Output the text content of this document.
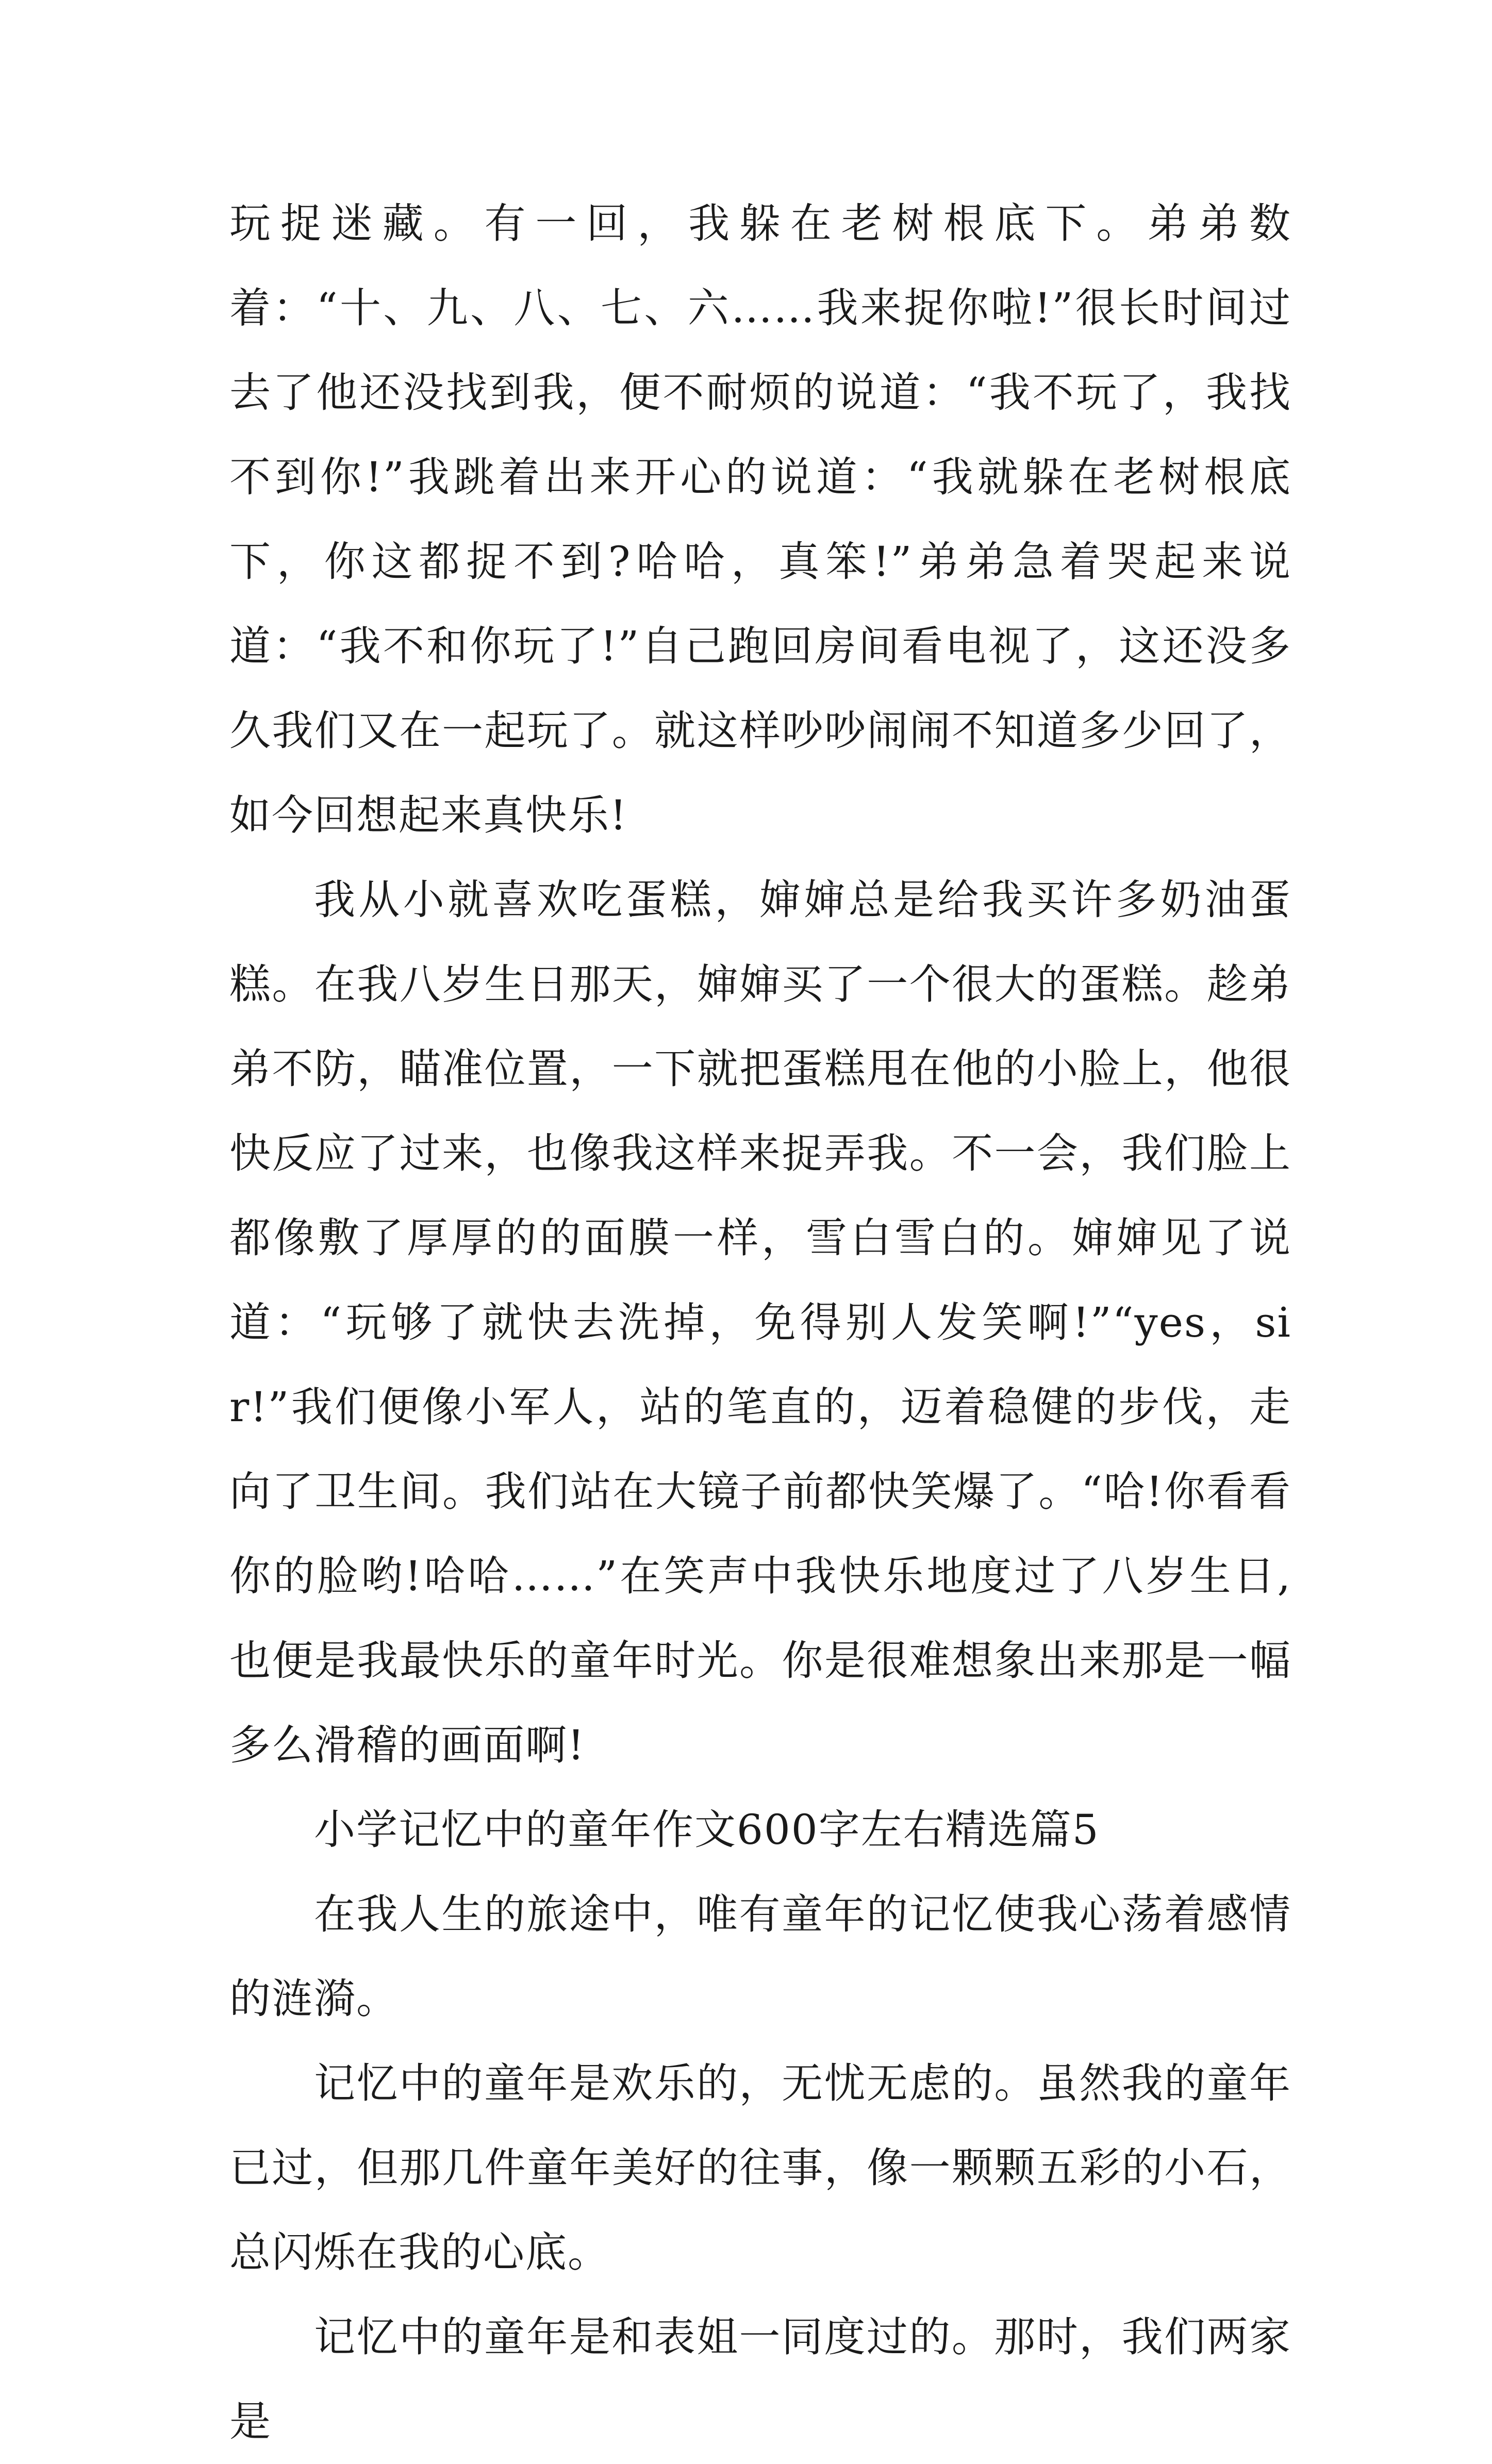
玩捉迷藏。有一回，我躲在老树根底下。弟弟数着：“十、九、八、七、六……我来捉你啦!”很长时间过去了他还没找到我，便不耐烦的说道：“我不玩了，我找不到你!”我跳着出来开心的说道：“我就躲在老树根底下，你这都捉不到?哈哈，真笨!”弟弟急着哭起来说道：“我不和你玩了!”自己跑回房间看电视了，这还没多久我们又在一起玩了。就这样吵吵闹闹不知道多少回了，如今回想起来真快乐!

我从小就喜欢吃蛋糕，婶婶总是给我买许多奶油蛋糕。在我八岁生日那天，婶婶买了一个很大的蛋糕。趁弟弟不防，瞄准位置，一下就把蛋糕甩在他的小脸上，他很快反应了过来，也像我这样来捉弄我。不一会，我们脸上都像敷了厚厚的的面膜一样，雪白雪白的。婶婶见了说道：“玩够了就快去洗掉，免得别人发笑啊!”“yes，sir!”我们便像小军人，站的笔直的，迈着稳健的步伐，走向了卫生间。我们站在大镜子前都快笑爆了。“哈!你看看你的脸哟!哈哈……”在笑声中我快乐地度过了八岁生日,也便是我最快乐的童年时光。你是很难想象出来那是一幅多么滑稽的画面啊!

小学记忆中的童年作文600字左右精选篇5

在我人生的旅途中，唯有童年的记忆使我心荡着感情的涟漪。

记忆中的童年是欢乐的，无忧无虑的。虽然我的童年已过，但那几件童年美好的往事，像一颗颗五彩的小石，总闪烁在我的心底。

记忆中的童年是和表姐一同度过的。那时，我们两家是
